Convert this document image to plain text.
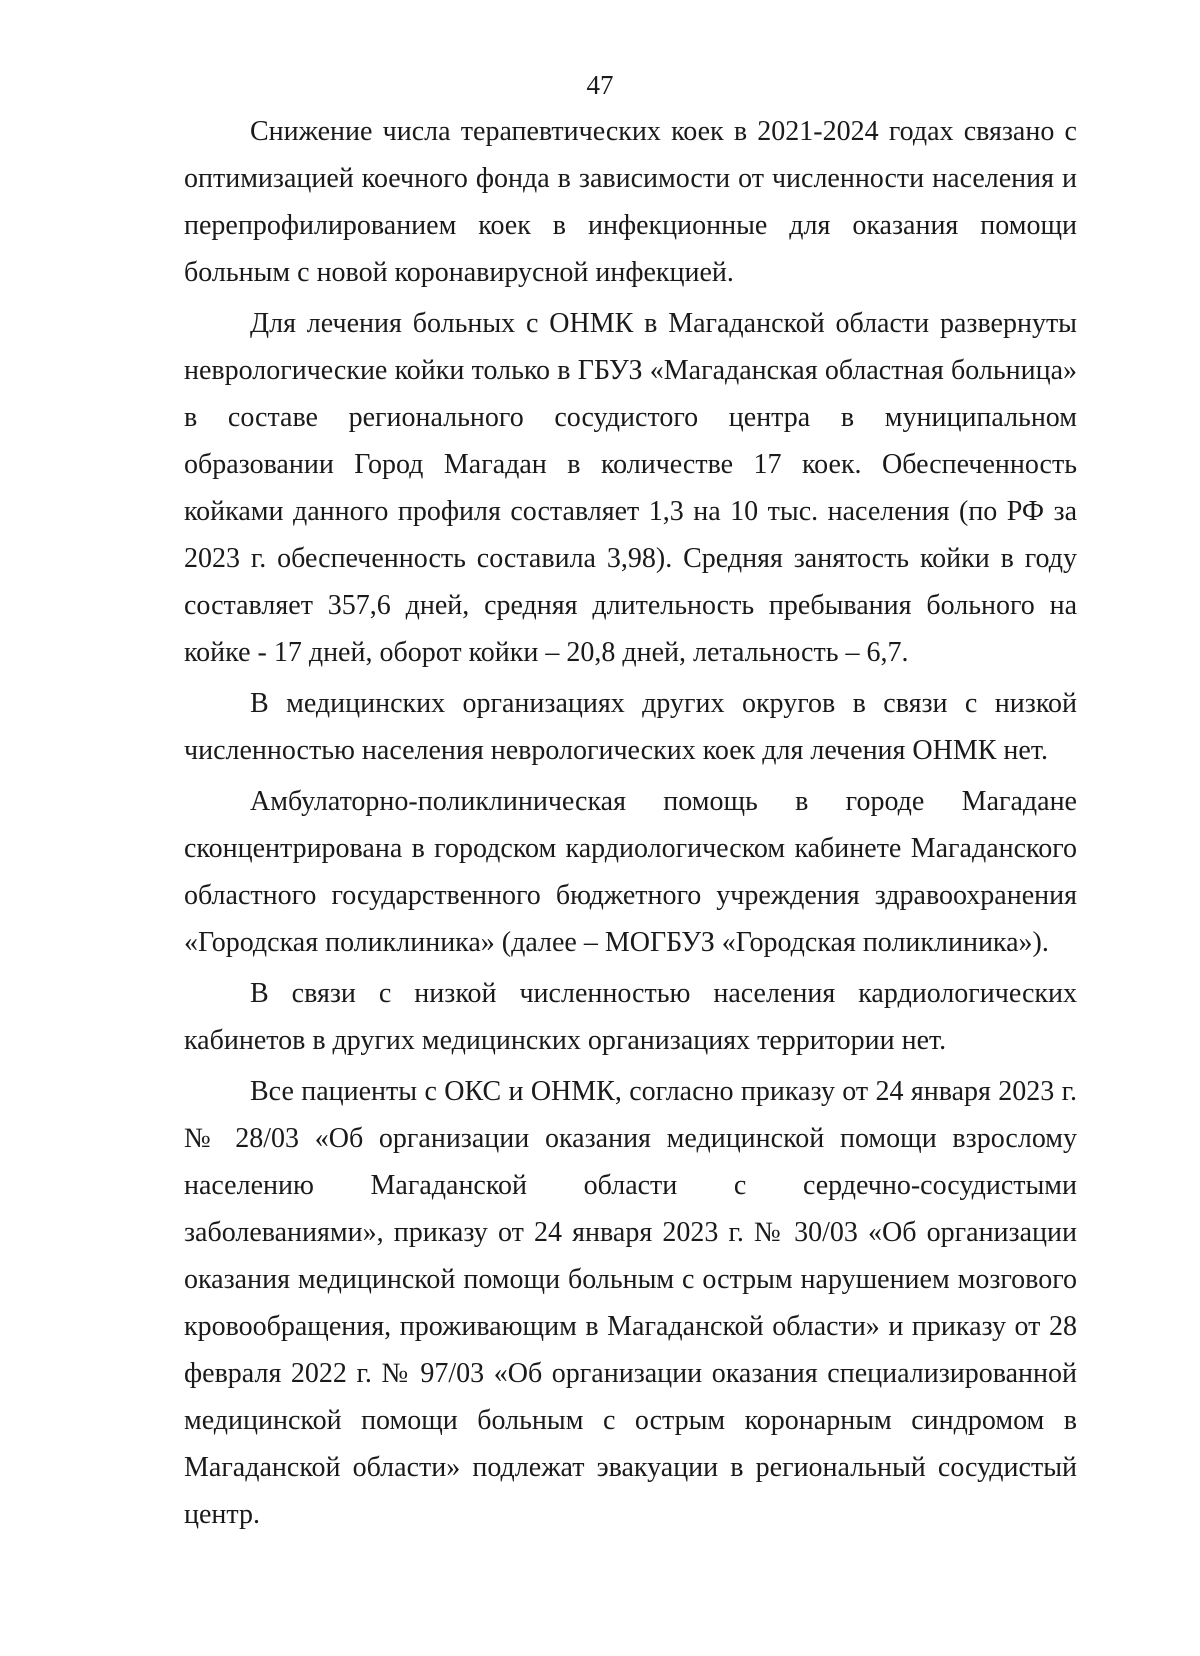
47

Снижение числа терапевтических коек в 2021-2024 годах связано с оптимизацией коечного фонда в зависимости от численности населения и перепрофилированием коек в инфекционные для оказания помощи больным с новой коронавирусной инфекцией.

Для лечения больных с ОНМК в Магаданской области развернуты неврологические койки только в ГБУЗ «Магаданская областная больница» в составе регионального сосудистого центра в муниципальном образовании Город Магадан в количестве 17 коек. Обеспеченность койками данного профиля составляет 1,3 на 10 тыс. населения (по РФ за 2023 г. обеспеченность составила 3,98). Средняя занятость койки в году составляет 357,6 дней, средняя длительность пребывания больного на койке - 17 дней, оборот койки – 20,8 дней, летальность – 6,7.

В медицинских организациях других округов в связи с низкой численностью населения неврологических коек для лечения ОНМК нет.

Амбулаторно-поликлиническая помощь в городе Магадане сконцентрирована в городском кардиологическом кабинете Магаданского областного государственного бюджетного учреждения здравоохранения «Городская поликлиника» (далее – МОГБУЗ «Городская поликлиника»).

В связи с низкой численностью населения кардиологических кабинетов в других медицинских организациях территории нет.

Все пациенты с ОКС и ОНМК, согласно приказу от 24 января 2023 г. № 28/03 «Об организации оказания медицинской помощи взрослому населению Магаданской области с сердечно-сосудистыми заболеваниями», приказу от 24 января 2023 г. № 30/03 «Об организации оказания медицинской помощи больным с острым нарушением мозгового кровообращения, проживающим в Магаданской области» и приказу от 28 февраля 2022 г. № 97/03 «Об организации оказания специализированной медицинской помощи больным с острым коронарным синдромом в Магаданской области» подлежат эвакуации в региональный сосудистый центр.
